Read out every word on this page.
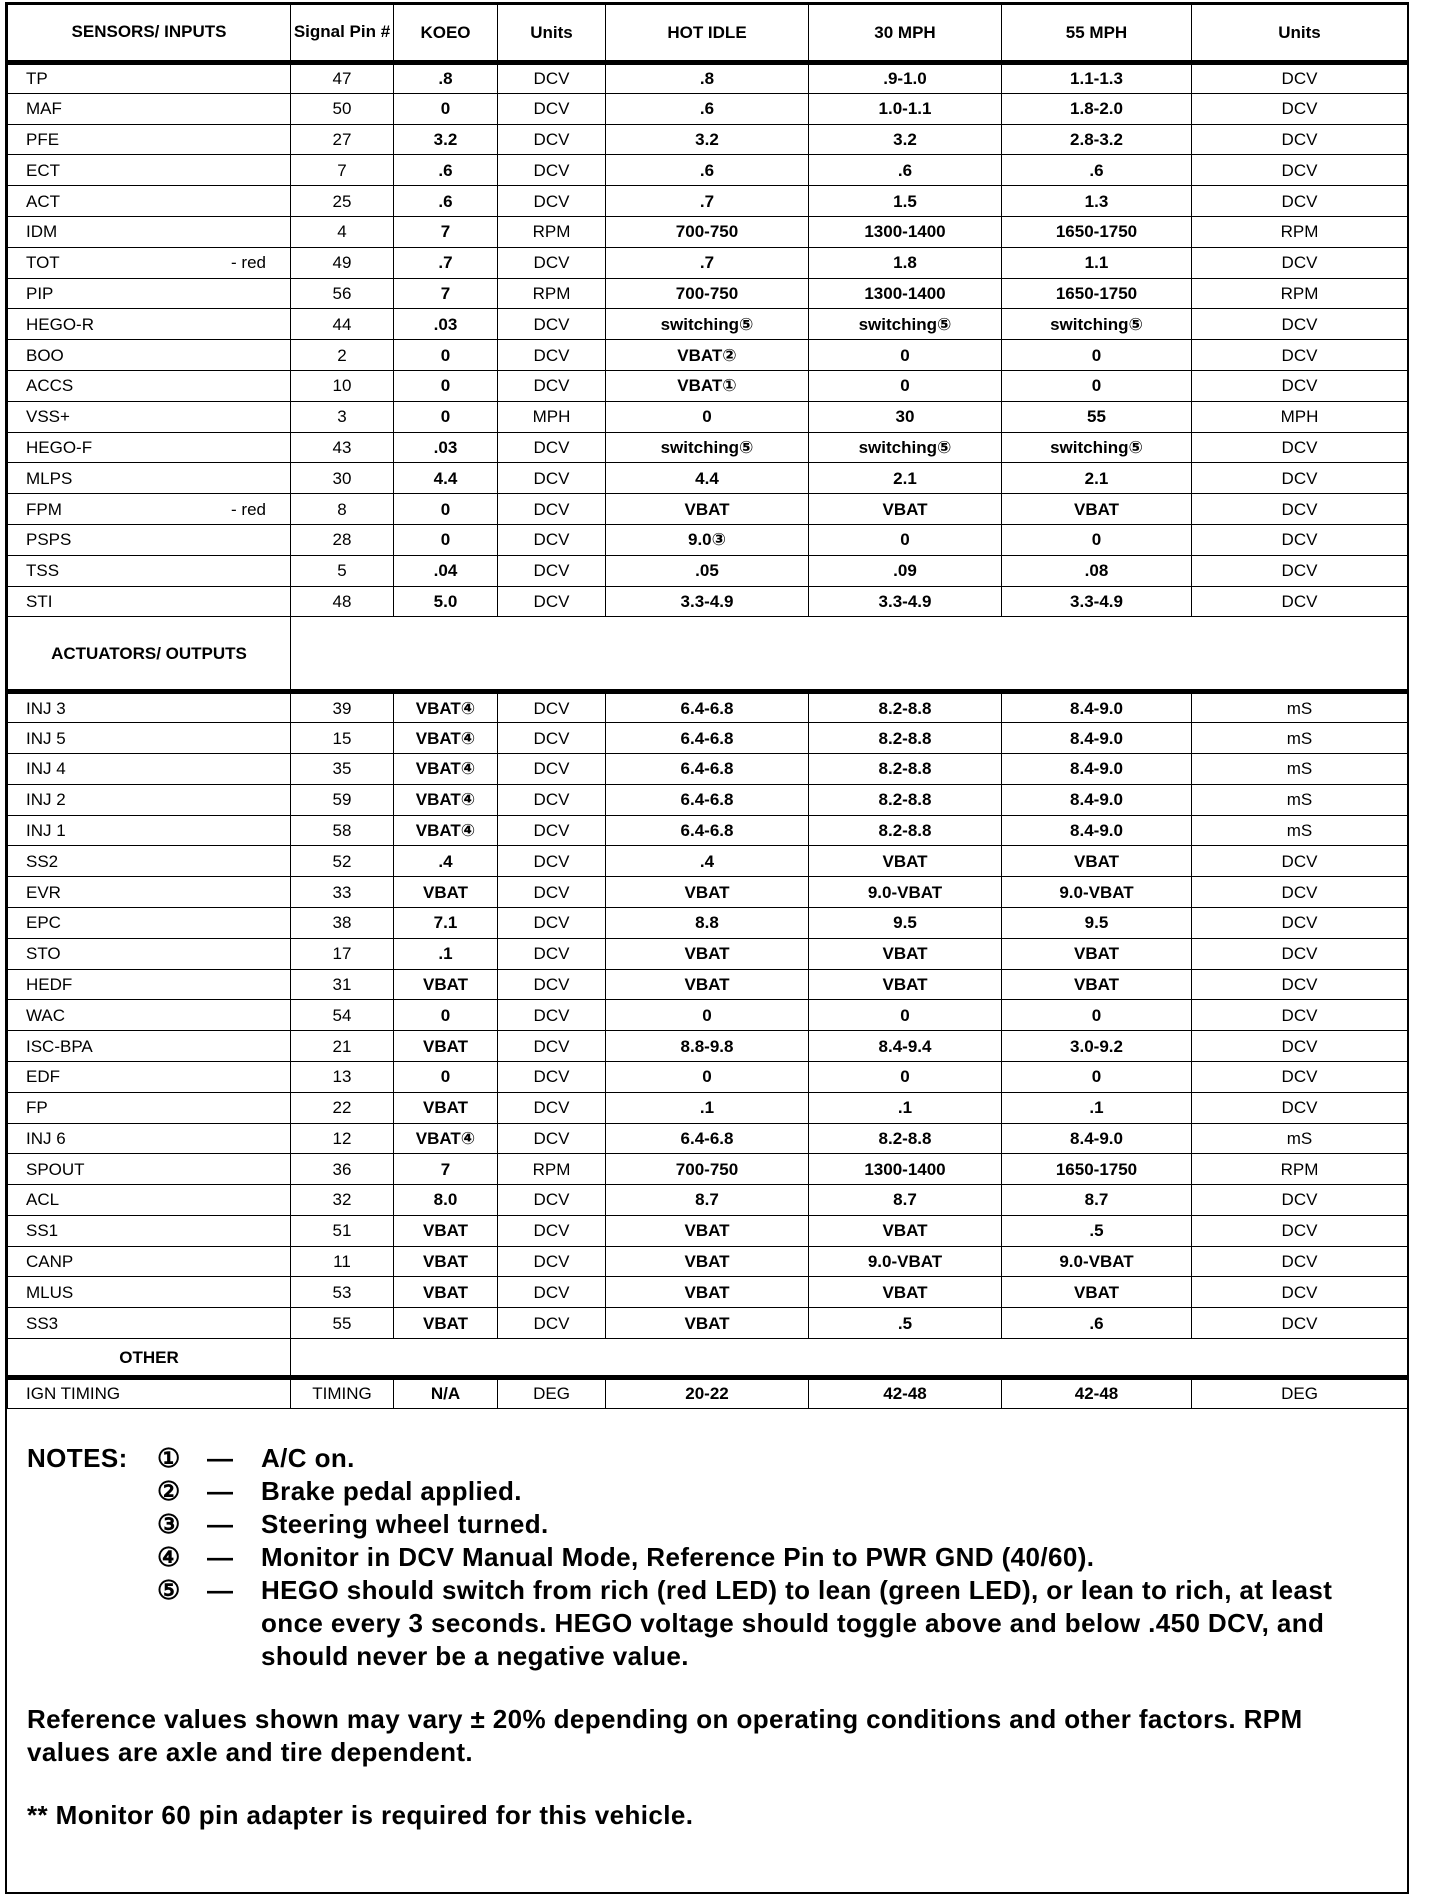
SENSORS/ INPUTS	Signal Pin #	KOEO	Units	HOT IDLE	30 MPH	55 MPH	Units
TP	47	.8	DCV	.8	.9-1.0	1.1-1.3	DCV
MAF	50	0	DCV	.6	1.0-1.1	1.8-2.0	DCV
PFE	27	3.2	DCV	3.2	3.2	2.8-3.2	DCV
ECT	7	.6	DCV	.6	.6	.6	DCV
ACT	25	.6	DCV	.7	1.5	1.3	DCV
IDM	4	7	RPM	700-750	1300-1400	1650-1750	RPM
TOT - red	49	.7	DCV	.7	1.8	1.1	DCV
PIP	56	7	RPM	700-750	1300-1400	1650-1750	RPM
HEGO-R	44	.03	DCV	switching⑤	switching⑤	switching⑤	DCV
BOO	2	0	DCV	VBAT②	0	0	DCV
ACCS	10	0	DCV	VBAT①	0	0	DCV
VSS+	3	0	MPH	0	30	55	MPH
HEGO-F	43	.03	DCV	switching⑤	switching⑤	switching⑤	DCV
MLPS	30	4.4	DCV	4.4	2.1	2.1	DCV
FPM - red	8	0	DCV	VBAT	VBAT	VBAT	DCV
PSPS	28	0	DCV	9.0③	0	0	DCV
TSS	5	.04	DCV	.05	.09	.08	DCV
STI	48	5.0	DCV	3.3-4.9	3.3-4.9	3.3-4.9	DCV
ACTUATORS/ OUTPUTS							
INJ 3	39	VBAT④	DCV	6.4-6.8	8.2-8.8	8.4-9.0	mS
INJ 5	15	VBAT④	DCV	6.4-6.8	8.2-8.8	8.4-9.0	mS
INJ 4	35	VBAT④	DCV	6.4-6.8	8.2-8.8	8.4-9.0	mS
INJ 2	59	VBAT④	DCV	6.4-6.8	8.2-8.8	8.4-9.0	mS
INJ 1	58	VBAT④	DCV	6.4-6.8	8.2-8.8	8.4-9.0	mS
SS2	52	.4	DCV	.4	VBAT	VBAT	DCV
EVR	33	VBAT	DCV	VBAT	9.0-VBAT	9.0-VBAT	DCV
EPC	38	7.1	DCV	8.8	9.5	9.5	DCV
STO	17	.1	DCV	VBAT	VBAT	VBAT	DCV
HEDF	31	VBAT	DCV	VBAT	VBAT	VBAT	DCV
WAC	54	0	DCV	0	0	0	DCV
ISC-BPA	21	VBAT	DCV	8.8-9.8	8.4-9.4	3.0-9.2	DCV
EDF	13	0	DCV	0	0	0	DCV
FP	22	VBAT	DCV	.1	.1	.1	DCV
INJ 6	12	VBAT④	DCV	6.4-6.8	8.2-8.8	8.4-9.0	mS
SPOUT	36	7	RPM	700-750	1300-1400	1650-1750	RPM
ACL	32	8.0	DCV	8.7	8.7	8.7	DCV
SS1	51	VBAT	DCV	VBAT	VBAT	.5	DCV
CANP	11	VBAT	DCV	VBAT	9.0-VBAT	9.0-VBAT	DCV
MLUS	53	VBAT	DCV	VBAT	VBAT	VBAT	DCV
SS3	55	VBAT	DCV	VBAT	.5	.6	DCV
OTHER							
IGN TIMING	TIMING	N/A	DEG	20-22	42-48	42-48	DEG
NOTES:	①	—	A/C on.
②	—	Brake pedal applied.
③	—	Steering wheel turned.
④	—	Monitor in DCV Manual Mode, Reference Pin to PWR GND (40/60).
⑤	—	HEGO should switch from rich (red LED) to lean (green LED), or lean to rich, at least once every 3 seconds. HEGO voltage should toggle above and below .450 DCV, and should never be a negative value.

Reference values shown may vary ± 20% depending on operating conditions and other factors. RPM values are axle and tire dependent.

** Monitor 60 pin adapter is required for this vehicle.
